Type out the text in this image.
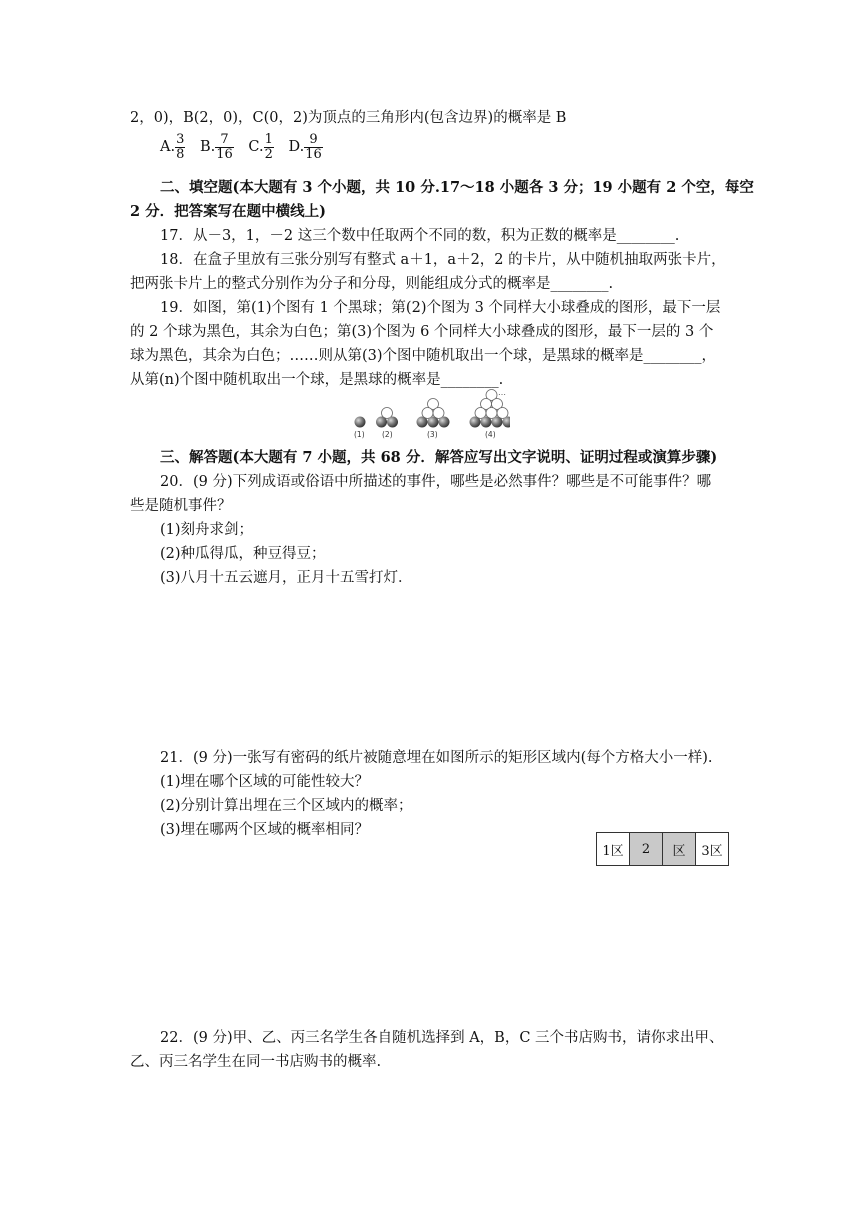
2，0)，B(2，0)，C(0，2)为顶点的三角形内(包含边界)的概率是 B
A. $\frac{3}{8} B$. $\frac{7}{16} C$. $\frac{1}{2} D$. $\frac{9}{16}$
二、填空题(本大题有 3 个小题，共 10 分.17～18 小题各 3 分；19 小题有 2 个空，每空
2 分．把答案写在题中横线上)
17．从－3，1，－2 这三个数中任取两个不同的数，积为正数的概率是________.
18．在盒子里放有三张分别写有整式 a＋1，a＋2，2 的卡片，从中随机抽取两张卡片，
把两张卡片上的整式分别作为分子和分母，则能组成分式的概率是________.
19．如图，第(1)个图有 1 个黑球；第(2)个图为 3 个同样大小球叠成的图形，最下一层
的 2 个球为黑色，其余为白色；第(3)个图为 6 个同样大小球叠成的图形，最下一层的 3 个
球为黑色，其余为白色；……则从第(3)个图中随机取出一个球，是黑球的概率是________，
从第(n)个图中随机取出一个球，是黑球的概率是________.
…
(1) (2)	(3)	(4)
三、解答题(本大题有 7 小题，共 68 分．解答应写出文字说明、证明过程或演算步骤)
20．(9 分)下列成语或俗语中所描述的事件，哪些是必然事件？哪些是不可能事件？哪
些是随机事件？
(1)刻舟求剑；
(2)种瓜得瓜，种豆得豆；
(3)八月十五云遮月，正月十五雪打灯．
21．(9 分)一张写有密码的纸片被随意埋在如图所示的矩形区域内(每个方格大小一样).
(1)埋在哪个区域的可能性较大？
(2)分别计算出埋在三个区域内的概率；
(3)埋在哪两个区域的概率相同？
1区	2	区	3区
22．(9 分)甲、乙、丙三名学生各自随机选择到 A，B，C 三个书店购书，请你求出甲、
乙、丙三名学生在同一书店购书的概率.
